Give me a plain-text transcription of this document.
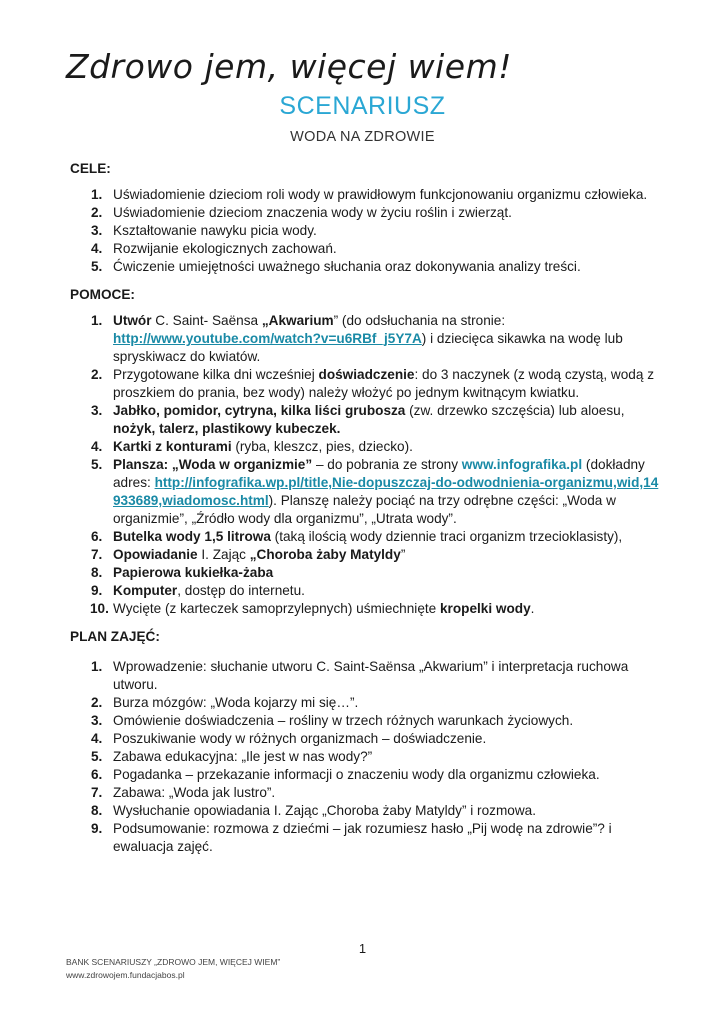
Zdrowo jem, więcej wiem!
SCENARIUSZ
WODA NA ZDROWIE
CELE:
1. Uświadomienie dzieciom roli wody w prawidłowym funkcjonowaniu organizmu człowieka.
2. Uświadomienie dzieciom znaczenia wody w życiu roślin i zwierząt.
3. Kształtowanie nawyku picia wody.
4. Rozwijanie ekologicznych zachowań.
5. Ćwiczenie umiejętności uważnego słuchania oraz dokonywania analizy treści.
POMOCE:
1. Utwór C. Saint- Saënsa „Akwarium” (do odsłuchania na stronie: http://www.youtube.com/watch?v=u6RBf_j5Y7A) i dziecięca sikawka na wodę lub spryskiwacz do kwiatów.
2. Przygotowane kilka dni wcześniej doświadczenie: do 3 naczynek (z wodą czystą, wodą z proszkiem do prania, bez wody) należy włożyć po jednym kwitnącym kwiatku.
3. Jabłko, pomidor, cytryna, kilka liści grubosza (zw. drzewko szczęścia) lub aloesu, nożyk, talerz, plastikowy kubeczek.
4. Kartki z konturami (ryba, kleszcz, pies, dziecko).
5. Plansza: „Woda w organizmie” – do pobrania ze strony www.infografika.pl (dokładny adres: http://infografika.wp.pl/title,Nie-dopuszczaj-do-odwodnienia-organizmu,wid,14933689,wiadomosc.html). Planszę należy pociąć na trzy odrębne części: „Woda w organizmie”, „Źródło wody dla organizmu”, „Utrata wody”.
6. Butelka wody 1,5 litrowa (taką ilością wody dziennie traci organizm trzecioklasisty),
7. Opowiadanie I. Zając „Choroba żaby Matyldy”
8. Papierowa kukiełka-żaba
9. Komputer, dostęp do internetu.
10. Wycięte (z karteczek samoprzylepnych) uśmiechnięte kropelki wody.
PLAN ZAJĘĆ:
1. Wprowadzenie: słuchanie utworu C. Saint-Saënsa „Akwarium” i interpretacja ruchowa utworu.
2. Burza mózgów: „Woda kojarzy mi się…”.
3. Omówienie doświadczenia – rośliny w trzech różnych warunkach życiowych.
4. Poszukiwanie wody w różnych organizmach – doświadczenie.
5. Zabawa edukacyjna: „Ile jest w nas wody?”
6. Pogadanka – przekazanie informacji o znaczeniu wody dla organizmu człowieka.
7. Zabawa: „Woda jak lustro”.
8. Wysłuchanie opowiadania I. Zając „Choroba żaby Matyldy” i rozmowa.
9. Podsumowanie: rozmowa z dziećmi – jak rozumiesz hasło „Pij wodę na zdrowie”? i ewaluacja zajęć.
1
BANK SCENARIUSZY „ZDROWO JEM, WIĘCEJ WIEM”
www.zdrowojem.fundacjabos.pl
